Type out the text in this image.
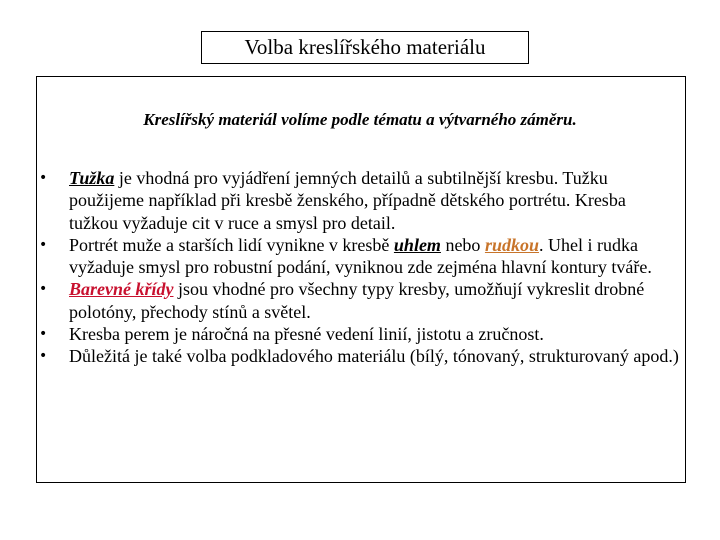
Volba kreslířského materiálu
Kreslířský materiál volíme podle tématu a výtvarného záměru.
• Tužka je vhodná pro vyjádření jemných detailů a subtilnější kresbu. Tužku použijeme například při kresbě ženského, případně dětského portrétu. Kresba tužkou vyžaduje cit v ruce a smysl pro detail.
• Portrét muže a starších lidí vynikne v kresbě uhlem nebo rudkou. Uhel i rudka vyžaduje smysl pro robustní podání, vyniknou zde zejména hlavní kontury tváře.
• Barevné křídy jsou vhodné pro všechny typy kresby, umožňují vykreslit drobné polotóny, přechody stínů a světel.
• Kresba perem je náročná na přesné vedení linií, jistotu a zručnost.
• Důležitá je také volba podkladového materiálu (bílý, tónovaný, strukturovaný apod.)
